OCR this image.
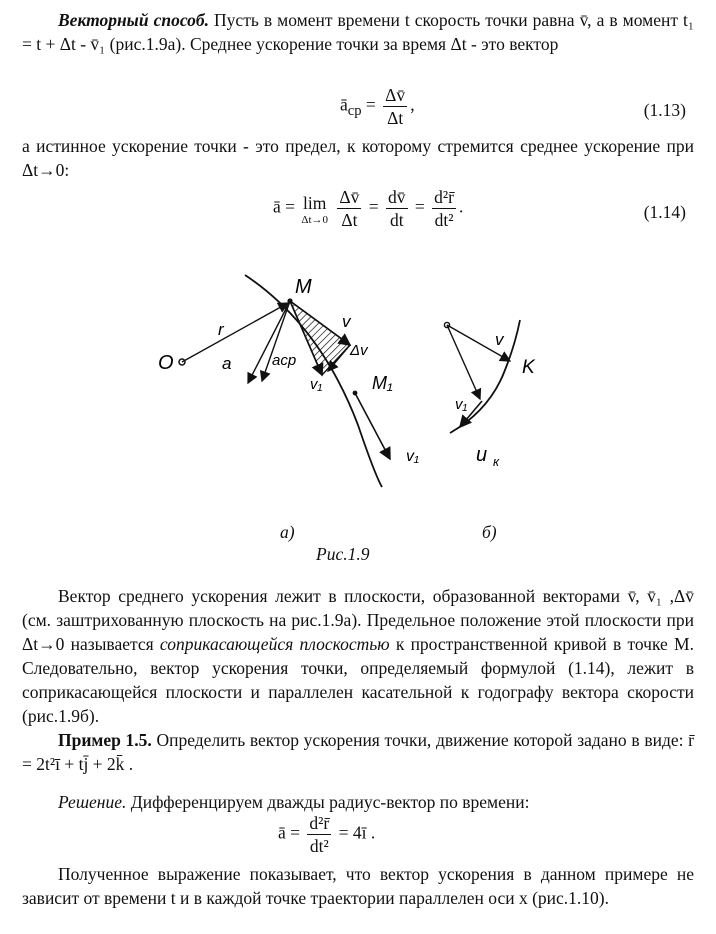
Векторный способ. Пусть в момент времени t скорость точки равна v̄, а в момент t₁ = t + Δt - v̄₁ (рис.1.9а). Среднее ускорение точки за время Δt - это вектор

$ā_{ср} = \frac{\Delta v̄}{\Delta t}$ ,	(1.13)

а истинное ускорение точки - это предел, к которому стремится среднее ускорение при Δt→0:

ā = lim
Δt→0
$\frac{\Delta v̄}{\Delta t} = \frac{dv̄}{dt} = \frac{\text{d²r̄}}{\text{dt²}}$ .	(1.14)
O
M
M₁
r	v
Δv
a	aср
v₁
v₁
v
K
v₁
u к
а)	б)
Рис.1.9

Вектор среднего ускорения лежит в плоскости, образованной векторами v̄, v̄₁ ,Δv̄ (см. заштрихованную плоскость на рис.1.9а). Предельное положение этой плоскости при Δt→0 называется соприкасающейся плоскостью к пространственной кривой в точке М. Следовательно, вектор ускорения точки, определяемый формулой (1.14), лежит в соприкасающейся плоскости и параллелен касательной к годографу вектора скорости (рис.1.9б).

Пример 1.5. Определить вектор ускорения точки, движение которой задано в виде: r̄ = 2t²ī + tj̄ + 2k̄ .

Решение. Дифференцируем дважды радиус-вектор по времени:

ā = $\frac{\text{d²r̄}}{\text{dt²}}$ = 4ī .

Полученное выражение показывает, что вектор ускорения в данном примере не зависит от времени t и в каждой точке траектории параллелен оси x (рис.1.10).
